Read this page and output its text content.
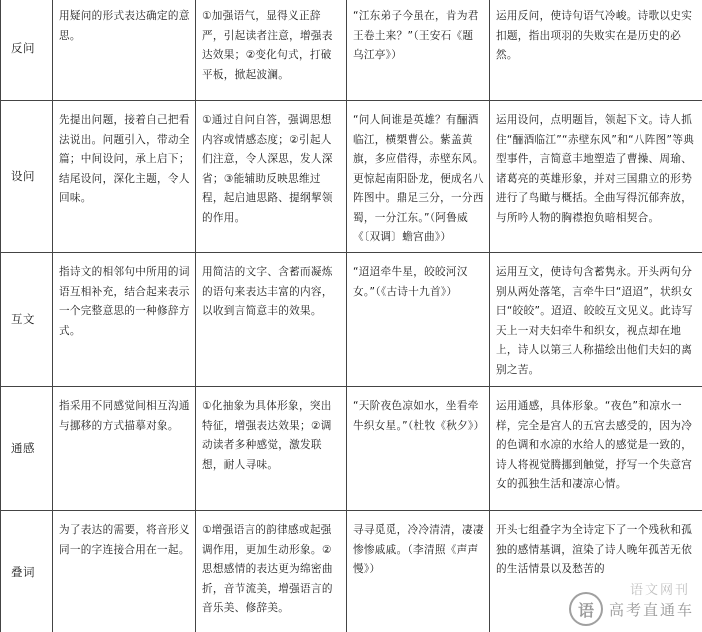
反问	用疑问的形式表达确定的意思。	①加强语气，显得义正辞严，引起读者注意，增强表达效果；②变化句式，打破平板，掀起波澜。	“江东弟子今虽在，肯为君王卷土来？”（王安石《题乌江亭》）	运用反问，使诗句语气冷峻。诗歌以史实扣题，指出项羽的失败实在是历史的必然。
设问	先提出问题，接着自己把看法说出。问题引入，带动全篇；中间设问，承上启下；结尾设问，深化主题，令人回味。	①通过自问自答，强调思想内容或情感态度；②引起人们注意，令人深思，发人深省；③能辅助反映思维过程，起启迪思路、提纲挈领的作用。	“问人间谁是英雄？有酾酒临江，横槊曹公。紫盖黄旗，多应借得，赤壁东风。更惊起南阳卧龙，便成名八阵图中。鼎足三分，一分西蜀，一分江东。”（阿鲁威《〔双调〕蟾宫曲》）	运用设问，点明题旨，领起下文。诗人抓住“酾酒临江”“赤壁东风”和“八阵图”等典型事件，言简意丰地塑造了曹操、周瑜、诸葛亮的英雄形象，并对三国鼎立的形势进行了鸟瞰与概括。全曲写得沉郁奔放，与所吟人物的胸襟抱负暗相契合。
互文	指诗文的相邻句中所用的词语互相补充，结合起来表示一个完整意思的一种修辞方式。	用简洁的文字、含蓄而凝炼的语句来表达丰富的内容，以收到言简意丰的效果。	“迢迢牵牛星，皎皎河汉女。”（《古诗十九首》）	运用互文，使诗句含蓄隽永。开头两句分别从两处落笔，言牵牛曰“迢迢”，状织女曰“皎皎”。迢迢、皎皎互文见义。此诗写天上一对夫妇牵牛和织女，视点却在地上，诗人以第三人称描绘出他们夫妇的离别之苦。
通感	指采用不同感觉间相互沟通与挪移的方式描摹对象。	①化抽象为具体形象，突出特征，增强表达效果；②调动读者多种感觉，激发联想，耐人寻味。	“天阶夜色凉如水，坐看牵牛织女星。”（杜牧《秋夕》）	运用通感，具体形象。“夜色”和凉水一样，完全是宫人的五宫去感受的，因为冷的色调和水凉的水给人的感觉是一致的，诗人将视觉腾挪到触觉，抒写一个失意宫女的孤独生活和凄凉心情。
叠词	为了表达的需要，将音形义同一的字连接合用在一起。	①增强语言的韵律感或起强调作用，更加生动形象。②思想感情的表达更为绵密曲折，音节流美，增强语言的音乐美、修辞美。	寻寻觅觅，冷冷清清，凄凄惨惨戚戚。（李清照《声声慢》）	开头七组叠字为全诗定下了一个残秋和孤独的感情基调，渲染了诗人晚年孤苦无依的生活情景以及愁苦的
语文网刊
语	高考直通车
